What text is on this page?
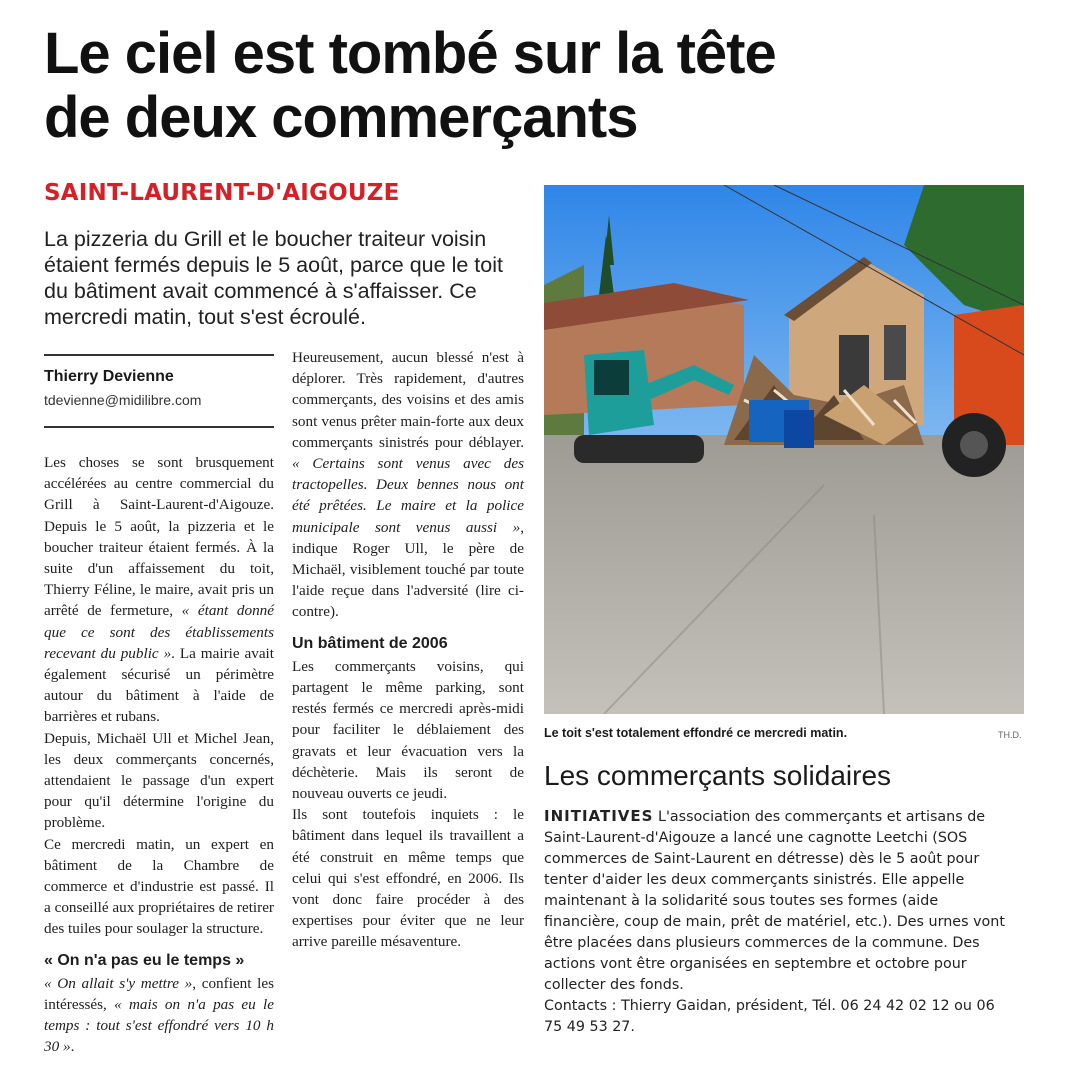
Le ciel est tombé sur la tête
de deux commerçants
SAINT-LAURENT-D'AIGOUZE

La pizzeria du Grill et le boucher traiteur voisin étaient fermés depuis le 5 août, parce que le toit du bâtiment avait commencé à s'affaisser. Ce mercredi matin, tout s'est écroulé.

Thierry Devienne
tdevienne@midilibre.com

Les choses se sont brusquement accélérées au centre commercial du Grill à Saint-Laurent-d'Aigouze. Depuis le 5 août, la pizzeria et le boucher traiteur étaient fermés. À la suite d'un affaissement du toit, Thierry Féline, le maire, avait pris un arrêté de fermeture, « étant donné que ce sont des établissements recevant du public ». La mairie avait également sécurisé un périmètre autour du bâtiment à l'aide de barrières et rubans.

Depuis, Michaël Ull et Michel Jean, les deux commerçants concernés, attendaient le passage d'un expert pour qu'il détermine l'origine du problème.

Ce mercredi matin, un expert en bâtiment de la Chambre de commerce et d'industrie est passé. Il a conseillé aux propriétaires de retirer des tuiles pour soulager la structure.

« On n'a pas eu le temps »

« On allait s'y mettre », confient les intéressés, « mais on n'a pas eu le temps : tout s'est effondré vers 10 h 30 ».

Heureusement, aucun blessé n'est à déplorer. Très rapidement, d'autres commerçants, des voisins et des amis sont venus prêter main-forte aux deux commerçants sinistrés pour déblayer. « Certains sont venus avec des tractopelles. Deux bennes nous ont été prêtées. Le maire et la police municipale sont venus aussi », indique Roger Ull, le père de Michaël, visiblement touché par toute l'aide reçue dans l'adversité (lire ci-contre).

Un bâtiment de 2006

Les commerçants voisins, qui partagent le même parking, sont restés fermés ce mercredi après-midi pour faciliter le déblaiement des gravats et leur évacuation vers la déchèterie. Mais ils seront de nouveau ouverts ce jeudi.

Ils sont toutefois inquiets : le bâtiment dans lequel ils travaillent a été construit en même temps que celui qui s'est effondré, en 2006. Ils vont donc faire procéder à des expertises pour éviter que ne leur arrive pareille mésaventure.

Le toit s'est totalement effondré ce mercredi matin.	TH.D.
Les commerçants solidaires

INITIATIVES L'association des commerçants et artisans de Saint-Laurent-d'Aigouze a lancé une cagnotte Leetchi (SOS commerces de Saint-Laurent en détresse) dès le 5 août pour tenter d'aider les deux commerçants sinistrés. Elle appelle maintenant à la solidarité sous toutes ses formes (aide financière, coup de main, prêt de matériel, etc.). Des urnes vont être placées dans plusieurs commerces de la commune. Des actions vont être organisées en septembre et octobre pour collecter des fonds.
Contacts : Thierry Gaidan, président, Tél. 06 24 42 02 12 ou 06 75 49 53 27.
